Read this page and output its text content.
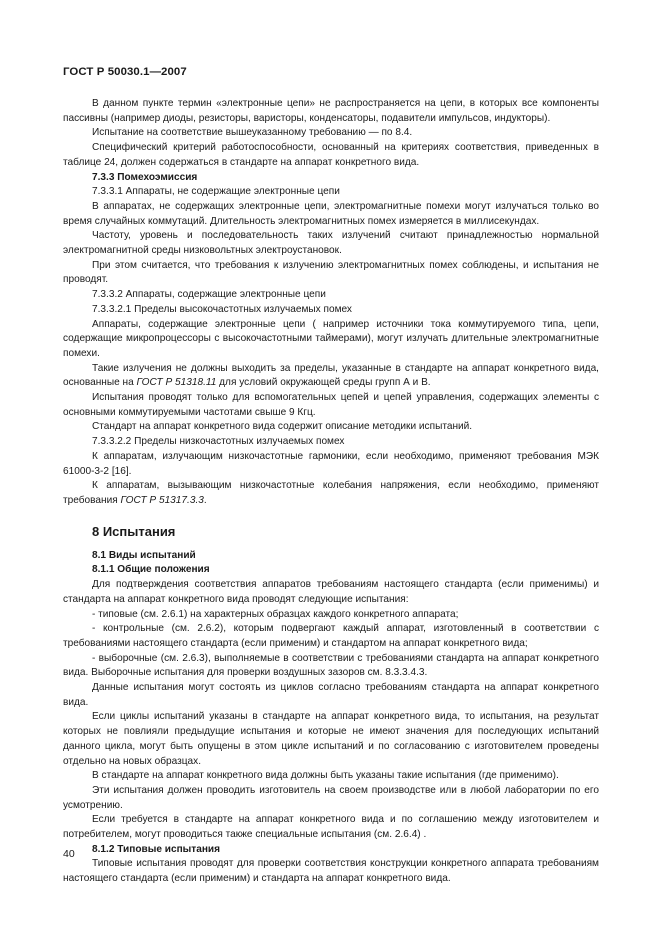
ГОСТ Р 50030.1—2007

В данном пункте термин «электронные цепи» не распространяется на цепи, в которых все компоненты пассивны (например диоды, резисторы, варисторы, конденсаторы, подавители импульсов, индукторы).

Испытание на соответствие вышеуказанному требованию — по 8.4.

Специфический критерий работоспособности, основанный на критериях соответствия, приведенных в таблице 24, должен содержаться в стандарте на аппарат конкретного вида.

7.3.3 Помехоэмиссия

7.3.3.1 Аппараты, не содержащие электронные цепи

В аппаратах, не содержащих электронные цепи, электромагнитные помехи могут излучаться только во время случайных коммутаций. Длительность электромагнитных помех измеряется в миллисекундах.

Частоту, уровень и последовательность таких излучений считают принадлежностью нормальной электромагнитной среды низковольтных электроустановок.

При этом считается, что требования к излучению электромагнитных помех соблюдены, и испытания не проводят.

7.3.3.2 Аппараты, содержащие электронные цепи

7.3.3.2.1 Пределы высокочастотных излучаемых помех

Аппараты, содержащие электронные цепи ( например источники тока коммутируемого типа, цепи, содержащие микропроцессоры с высокочастотными таймерами), могут излучать длительные электромагнитные помехи.

Такие излучения не должны выходить за пределы, указанные в стандарте на аппарат конкретного вида, основанные на ГОСТ Р 51318.11 для условий окружающей среды групп А и В.

Испытания проводят только для вспомогательных цепей и цепей управления, содержащих элементы с основными коммутируемыми частотами свыше 9 Кгц.

Стандарт на аппарат конкретного вида содержит описание методики испытаний.

7.3.3.2.2 Пределы низкочастотных излучаемых помех

К аппаратам, излучающим низкочастотные гармоники, если необходимо, применяют требования МЭК 61000-3-2 [16].

К аппаратам, вызывающим низкочастотные колебания напряжения, если необходимо, применяют требования ГОСТ Р 51317.3.3.

8 Испытания

8.1 Виды испытаний

8.1.1 Общие положения

Для подтверждения соответствия аппаратов требованиям настоящего стандарта (если применимы) и стандарта на аппарат конкретного вида проводят следующие испытания:

- типовые (см. 2.6.1) на характерных образцах каждого конкретного аппарата;

- контрольные (см. 2.6.2), которым подвергают каждый аппарат, изготовленный в соответствии с требованиями настоящего стандарта (если применим) и стандартом на аппарат конкретного вида;

- выборочные (см. 2.6.3), выполняемые в соответствии с требованиями стандарта на аппарат конкретного вида. Выборочные испытания для проверки воздушных зазоров см. 8.3.3.4.3.

Данные испытания могут состоять из циклов согласно требованиям стандарта на аппарат конкретного вида.

Если циклы испытаний указаны в стандарте на аппарат конкретного вида, то испытания, на результат которых не повлияли предыдущие испытания и которые не имеют значения для последующих испытаний данного цикла, могут быть опущены в этом цикле испытаний и по согласованию с изготовителем проведены отдельно на новых образцах.

В стандарте на аппарат конкретного вида должны быть указаны такие испытания (где применимо).

Эти испытания должен проводить изготовитель на своем производстве или в любой лаборатории по его усмотрению.

Если требуется в стандарте на аппарат конкретного вида и по соглашению между изготовителем и потребителем, могут проводиться также специальные испытания (см. 2.6.4) .

8.1.2 Типовые испытания

Типовые испытания проводят для проверки соответствия конструкции конкретного аппарата требованиям настоящего стандарта (если применим) и стандарта на аппарат конкретного вида.

40
